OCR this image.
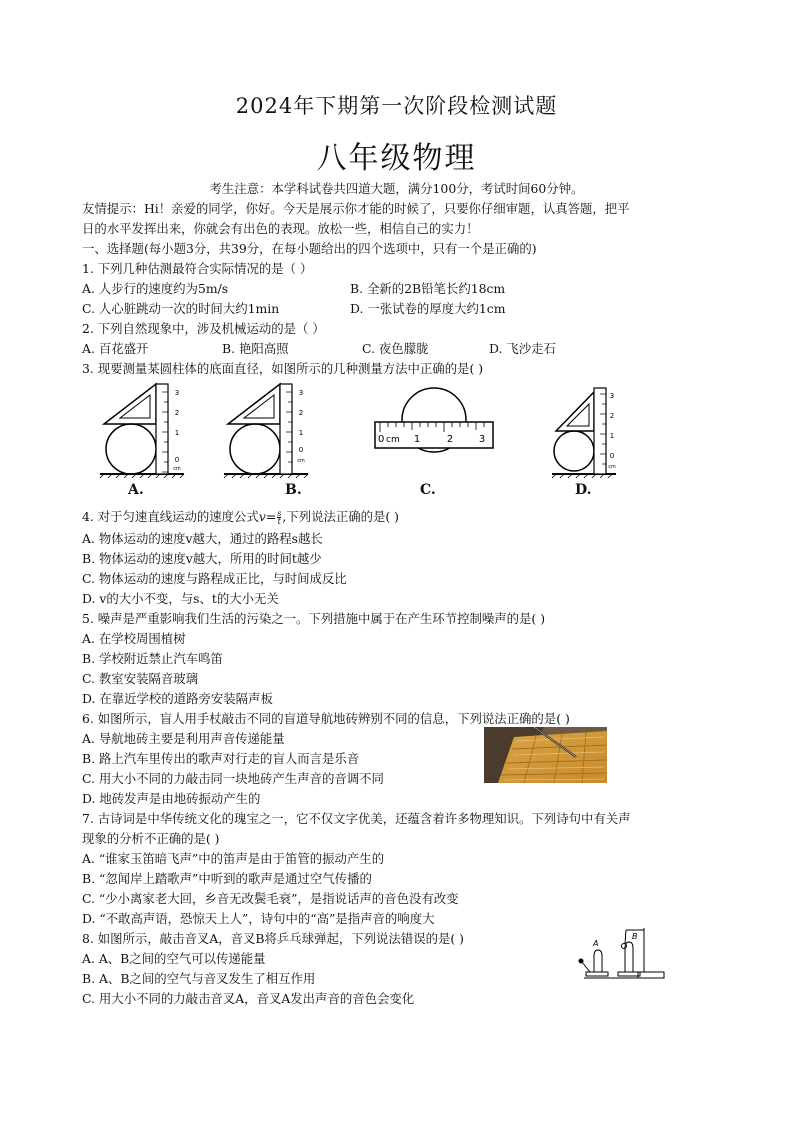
2024年下期第一次阶段检测试题
八年级物理
考生注意：本学科试卷共四道大题，满分100分，考试时间60分钟。
友情提示：Hi！亲爱的同学，你好。今天是展示你才能的时候了，只要你仔细审题，认真答题，把平
日的水平发挥出来，你就会有出色的表现。放松一些，相信自己的实力！
一、选择题(每小题3分，共39分，在每小题给出的四个选项中，只有一个是正确的)
1. 下列几种估测最符合实际情况的是（ ）
A. 人步行的速度约为5m/s	B. 全新的2B铅笔长约18cm
C. 人心脏跳动一次的时间大约1min	D. 一张试卷的厚度大约1cm
2. 下列自然现象中，涉及机械运动的是（ ）
A. 百花盛开	B. 艳阳高照	C. 夜色朦胧	D. 飞沙走石
3. 现要测量某圆柱体的底面直径，如图所示的几种测量方法中正确的是( )
3
2
1
0
cm
A.
3
2
1
0
cm
B.
0 cm 1	2	3
C.
3
2
1
0
cm
D.
4. 对于匀速直线运动的速度公式$v= \frac{s}{t}$ ,下列说法正确的是( )
A. 物体运动的速度v越大，通过的路程s越长
B. 物体运动的速度v越大，所用的时间t越少
C. 物体运动的速度与路程成正比，与时间成反比
D. v的大小不变，与s、t的大小无关
5. 噪声是严重影响我们生活的污染之一。下列措施中属于在产生环节控制噪声的是( )
A. 在学校周围植树
B. 学校附近禁止汽车鸣笛
C. 教室安装隔音玻璃
D. 在靠近学校的道路旁安装隔声板
6. 如图所示，盲人用手杖敲击不同的盲道导航地砖辨别不同的信息，下列说法正确的是( )
A. 导航地砖主要是利用声音传递能量
B. 路上汽车里传出的歌声对行走的盲人而言是乐音
C. 用大小不同的力敲击同一块地砖产生声音的音调不同
D. 地砖发声是由地砖振动产生的
7. 古诗词是中华传统文化的瑰宝之一，它不仅文字优美，还蕴含着许多物理知识。下列诗句中有关声
现象的分析不正确的是( )
A. “谁家玉笛暗飞声”中的笛声是由于笛管的振动产生的
B. “忽闻岸上踏歌声”中听到的歌声是通过空气传播的
C. “少小离家老大回，乡音无改鬓毛衰”，是指说话声的音色没有改变
D. “不敢高声语，恐惊天上人”，诗句中的“高”是指声音的响度大
8. 如图所示，敲击音叉A，音叉B将乒乓球弹起，下列说法错误的是( )
A. A、B之间的空气可以传递能量
B. A、B之间的空气与音叉发生了相互作用
C. 用大小不同的力敲击音叉A，音叉A发出声音的音色会变化
A
B
